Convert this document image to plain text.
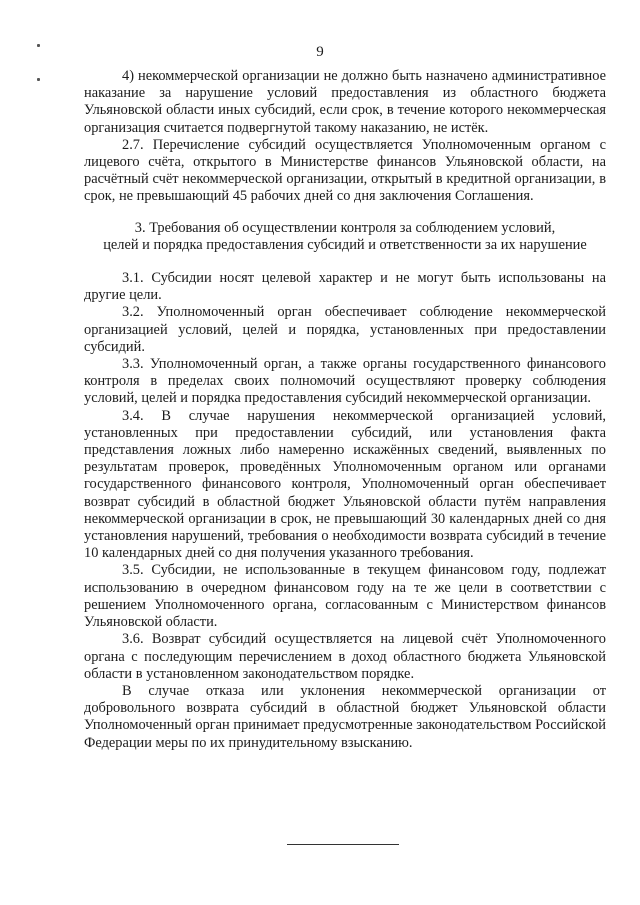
9

4) некоммерческой организации не должно быть назначено административное наказание за нарушение условий предоставления из областного бюджета Ульяновской области иных субсидий, если срок, в течение которого некоммерческая организация считается подвергнутой такому наказанию, не истёк.

2.7. Перечисление субсидий осуществляется Уполномоченным органом с лицевого счёта, открытого в Министерстве финансов Ульяновской области, на расчётный счёт некоммерческой организации, открытый в кредитной организации, в срок, не превышающий 45 рабочих дней со дня заключения Соглашения.

3. Требования об осуществлении контроля за соблюдением условий,
целей и порядка предоставления субсидий и ответственности за их нарушение

3.1. Субсидии носят целевой характер и не могут быть использованы на другие цели.

3.2. Уполномоченный орган обеспечивает соблюдение некоммерческой организацией условий, целей и порядка, установленных при предоставлении субсидий.

3.3. Уполномоченный орган, а также органы государственного финансового контроля в пределах своих полномочий осуществляют проверку соблюдения условий, целей и порядка предоставления субсидий некоммерческой организации.

3.4. В случае нарушения некоммерческой организацией условий, установленных при предоставлении субсидий, или установления факта представления ложных либо намеренно искажённых сведений, выявленных по результатам проверок, проведённых Уполномоченным органом или органами государственного финансового контроля, Уполномоченный орган обеспечивает возврат субсидий в областной бюджет Ульяновской области путём направления некоммерческой организации в срок, не превышающий 30 календарных дней со дня установления нарушений, требования о необходимости возврата субсидий в течение 10 календарных дней со дня получения указанного требования.

3.5. Субсидии, не использованные в текущем финансовом году, подлежат использованию в очередном финансовом году на те же цели в соответствии с решением Уполномоченного органа, согласованным с Министерством финансов Ульяновской области.

3.6. Возврат субсидий осуществляется на лицевой счёт Уполномоченного органа с последующим перечислением в доход областного бюджета Ульяновской области в установленном законодательством порядке.

В случае отказа или уклонения некоммерческой организации от добровольного возврата субсидий в областной бюджет Ульяновской области Уполномоченный орган принимает предусмотренные законодательством Российской Федерации меры по их принудительному взысканию.
